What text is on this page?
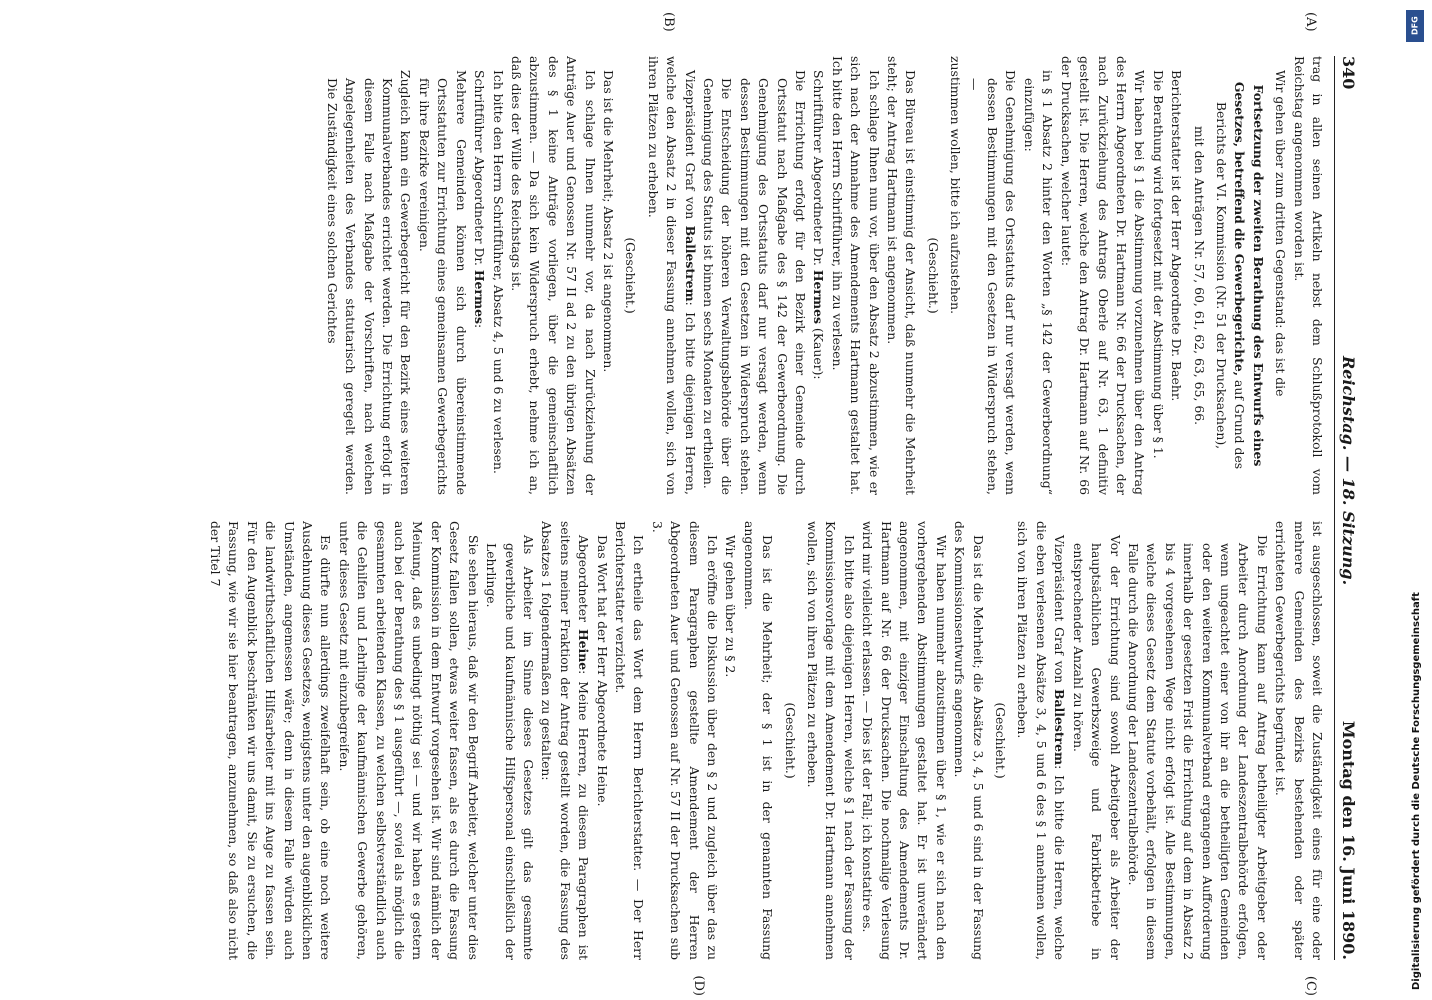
340
Reichstag. — 18. Sitzung.
Montag den 16. Juni 1890.
(A)
(B)

trag in allen seinen Artikeln nebst dem Schlußprotokoll vom Reichstag angenommen worden ist.

Wir gehen über zum dritten Gegenstand: das ist die

Fortsetzung der zweiten Berathung des Entwurfs eines Gesetzes, betreffend die Gewerbegerichte, auf Grund des Berichts der VI. Kommission (Nr. 51 der Drucksachen),

mit den Anträgen Nr. 57, 60, 61, 62, 63, 65, 66.

Berichterstatter ist der Herr Abgeordnete Dr. Baehr.

Die Berathung wird fortgesetzt mit der Abstimmung über § 1.

Wir haben bei § 1 die Abstimmung vorzunehmen über den Antrag des Herrn Abgeordneten Dr. Hartmann Nr. 66 der Drucksachen, der nach Zurückziehung des Antrags Oberle auf Nr. 63, 1 definitiv gestellt ist. Die Herren, welche den Antrag Dr. Hartmann auf Nr. 66 der Drucksachen, welcher lautet:

in § 1 Absatz 2 hinter den Worten „§ 142 der Gewerbeordnung“ einzufügen:

Die Genehmigung des Ortsstatuts darf nur versagt werden, wenn dessen Bestimmungen mit den Gesetzen in Widerspruch stehen, —

zustimmen wollen, bitte ich aufzustehen.

(Geschieht.)

Das Büreau ist einstimmig der Ansicht, daß nunmehr die Mehrheit steht; der Antrag Hartmann ist angenommen.

Ich schlage Ihnen nun vor, über den Absatz 2 abzustimmen, wie er sich nach der Annahme des Amendements Hartmann gestaltet hat. Ich bitte den Herrn Schriftführer, ihn zu verlesen.

Schriftführer Abgeordneter Dr. Hermes (Kauer):

Die Errichtung erfolgt für den Bezirk einer Gemeinde durch Ortsstatut nach Maßgabe des § 142 der Gewerbeordnung. Die Genehmigung des Ortsstatuts darf nur versagt werden, wenn dessen Bestimmungen mit den Gesetzen in Widerspruch stehen. Die Entscheidung der höheren Verwaltungsbehörde über die Genehmigung des Statuts ist binnen sechs Monaten zu ertheilen.

Vizepräsident Graf von Ballestrem: Ich bitte diejenigen Herren, welche den Absatz 2 in dieser Fassung annehmen wollen, sich von ihren Plätzen zu erheben.

(Geschieht.)

Das ist die Mehrheit; Absatz 2 ist angenommen.

Ich schlage Ihnen nunmehr vor, da nach Zurückziehung der Anträge Auer und Genossen Nr. 57 II ad 2 zu den übrigen Absätzen des § 1 keine Anträge vorliegen, über die gemeinschaftlich abzustimmen. — Da sich kein Widerspruch erhebt, nehme ich an, daß dies der Wille des Reichstags ist.

Ich bitte den Herrn Schriftführer, Absatz 4, 5 und 6 zu verlesen.

Schriftführer Abgeordneter Dr. Hermes:

Mehrere Gemeinden können sich durch übereinstimmende Ortsstatuten zur Errichtung eines gemeinsamen Gewerbegerichts für ihre Bezirke vereinigen.

Zugleich kann ein Gewerbegericht für den Bezirk eines weiteren Kommunalverbandes errichtet werden. Die Errichtung erfolgt in diesem Falle nach Maßgabe der Vorschriften, nach welchen Angelegenheiten des Verbandes statutarisch geregelt werden. Die Zuständigkeit eines solchen Gerichtes

ist ausgeschlossen, soweit die Zuständigkeit eines für eine oder mehrere Gemeinden des Bezirks bestehenden oder später errichteten Gewerbegerichts begründet ist.

Die Errichtung kann auf Antrag betheiligter Arbeitgeber oder Arbeiter durch Anordnung der Landeszentralbehörde erfolgen, wenn ungeachtet einer von ihr an die betheiligten Gemeinden oder den weiteren Kommunalverband ergangenen Aufforderung innerhalb der gesetzten Frist die Errichtung auf dem in Absatz 2 bis 4 vorgesehenen Wege nicht erfolgt ist. Alle Bestimmungen, welche dieses Gesetz dem Statute vorbehält, erfolgen in diesem Falle durch die Anordnung der Landeszentralbehörde.

Vor der Errichtung sind sowohl Arbeitgeber als Arbeiter der hauptsächlichen Gewerbszweige und Fabrikbetriebe in entsprechender Anzahl zu hören.

Vizepräsident Graf von Ballestrem: Ich bitte die Herren, welche die eben verlesenen Absätze 3, 4, 5 und 6 des § 1 annehmen wollen, sich von ihren Plätzen zu erheben.

(Geschieht.)

Das ist die Mehrheit; die Absätze 3, 4, 5 und 6 sind in der Fassung des Kommissionsentwurfs angenommen.

Wir haben nunmehr abzustimmen über § 1, wie er sich nach den vorhergehenden Abstimmungen gestaltet hat. Er ist unverändert angenommen, mit einziger Einschaltung des Amendements Dr. Hartmann auf Nr. 66 der Drucksachen. Die nochmalige Verlesung wird mir vielleicht erlassen. — Dies ist der Fall; ich konstatire es.

Ich bitte also diejenigen Herren, welche § 1 nach der Fassung der Kommissionsvorlage mit dem Amendement Dr. Hartmann annehmen wollen, sich von ihren Plätzen zu erheben.

(Geschieht.)

Das ist die Mehrheit; der § 1 ist in der genannten Fassung angenommen.

Wir gehen über zu § 2.

Ich eröffne die Diskussion über den § 2 und zugleich über das zu diesem Paragraphen gestellte Amendement der Herren Abgeordneten Auer und Genossen auf Nr. 57 II der Drucksachen sub 3.

Ich ertheile das Wort dem Herrn Berichterstatter. — Der Herr Berichterstatter verzichtet.

Das Wort hat der Herr Abgeordnete Heine.

Abgeordneter Heine: Meine Herren, zu diesem Paragraphen ist seitens meiner Fraktion der Antrag gestellt worden, die Fassung des Absatzes 1 folgendermaßen zu gestalten:

Als Arbeiter im Sinne dieses Gesetzes gilt das gesammte gewerbliche und kaufmännische Hilfspersonal einschließlich der Lehrlinge.

Sie sehen hieraus, daß wir den Begriff Arbeiter, welcher unter dies Gesetz fallen sollen, etwas weiter fassen, als es durch die Fassung der Kommission in dem Entwurf vorgesehen ist. Wir sind nämlich der Meinung, daß es unbedingt nöthig sei — und wir haben es gestern auch bei der Berathung des § 1 ausgeführt —, soviel als möglich die gesammten arbeitenden Klassen, zu welchen selbstverständlich auch die Gehilfen und Lehrlinge der kaufmännischen Gewerbe gehören, unter dieses Gesetz mit einzubegreifen.

Es dürfte nun allerdings zweifelhaft sein, ob eine noch weitere Ausdehnung dieses Gesetzes, wenigstens unter den augenblicklichen Umständen, angemessen wäre; denn in diesem Falle würden auch die landwirthschaftlichen Hilfsarbeiter mit ins Auge zu fassen sein. Für den Augenblick beschränken wir uns damit, Sie zu ersuchen, die Fassung, wie wir sie hier beantragen, anzunehmen, so daß also nicht der Titel 7

(C)
(D)
DFG
Digitalisierung gefördert durch die Deutsche Forschungsgemeinschaft
